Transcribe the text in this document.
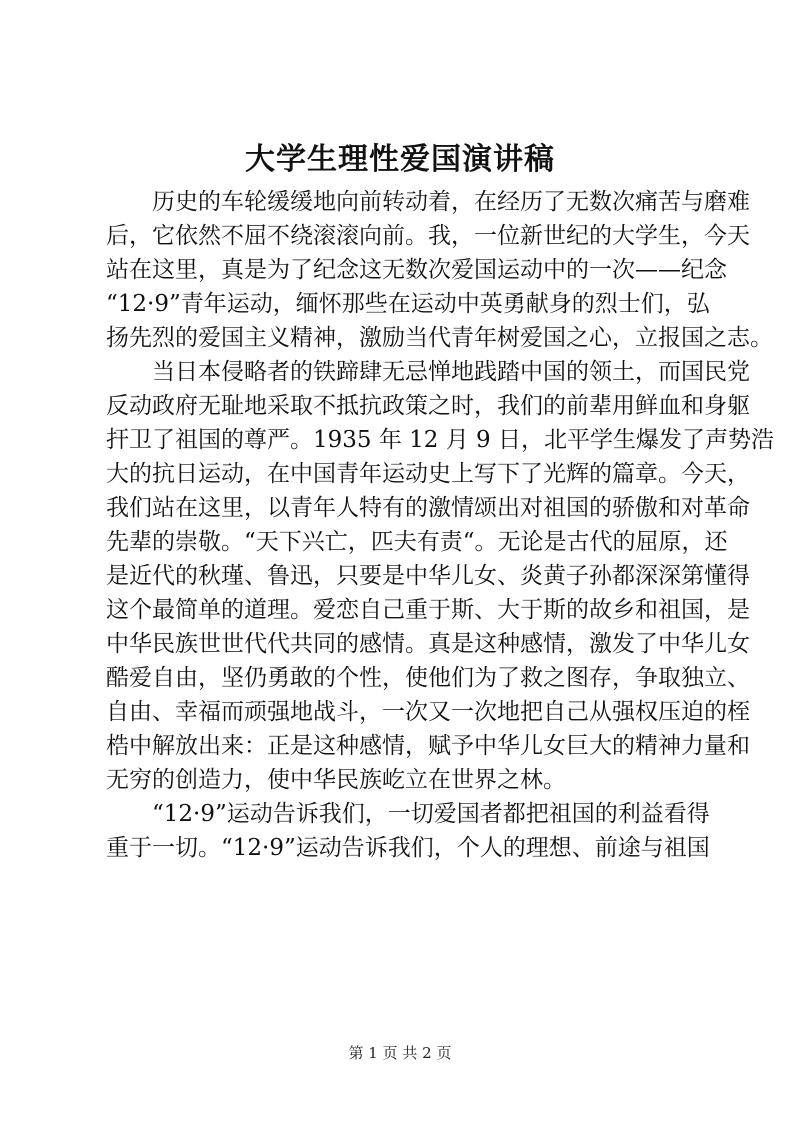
大学生理性爱国演讲稿

历史的车轮缓缓地向前转动着，在经历了无数次痛苦与磨难
后，它依然不屈不绕滚滚向前。我，一位新世纪的大学生，今天
站在这里，真是为了纪念这无数次爱国运动中的一次——纪念
“12·9”青年运动，缅怀那些在运动中英勇献身的烈士们，弘
扬先烈的爱国主义精神，激励当代青年树爱国之心，立报国之志。

当日本侵略者的铁蹄肆无忌惮地践踏中国的领土，而国民党
反动政府无耻地采取不抵抗政策之时，我们的前辈用鲜血和身躯
扞卫了祖国的尊严。1935 年 12 月 9 日，北平学生爆发了声势浩
大的抗日运动，在中国青年运动史上写下了光辉的篇章。今天，
我们站在这里，以青年人特有的激情颂出对祖国的骄傲和对革命
先辈的崇敬。“天下兴亡，匹夫有责“。无论是古代的屈原，还
是近代的秋瑾、鲁迅，只要是中华儿女、炎黄子孙都深深第懂得
这个最简单的道理。爱恋自己重于斯、大于斯的故乡和祖国，是
中华民族世世代代共同的感情。真是这种感情，激发了中华儿女
酷爱自由，坚仍勇敢的个性，使他们为了救之图存，争取独立、
自由、幸福而顽强地战斗，一次又一次地把自己从强权压迫的桎
梏中解放出来：正是这种感情，赋予中华儿女巨大的精神力量和
无穷的创造力，使中华民族屹立在世界之林。

“12·9”运动告诉我们，一切爱国者都把祖国的利益看得
重于一切。“12·9”运动告诉我们，个人的理想、前途与祖国

第 1 页 共 2 页
